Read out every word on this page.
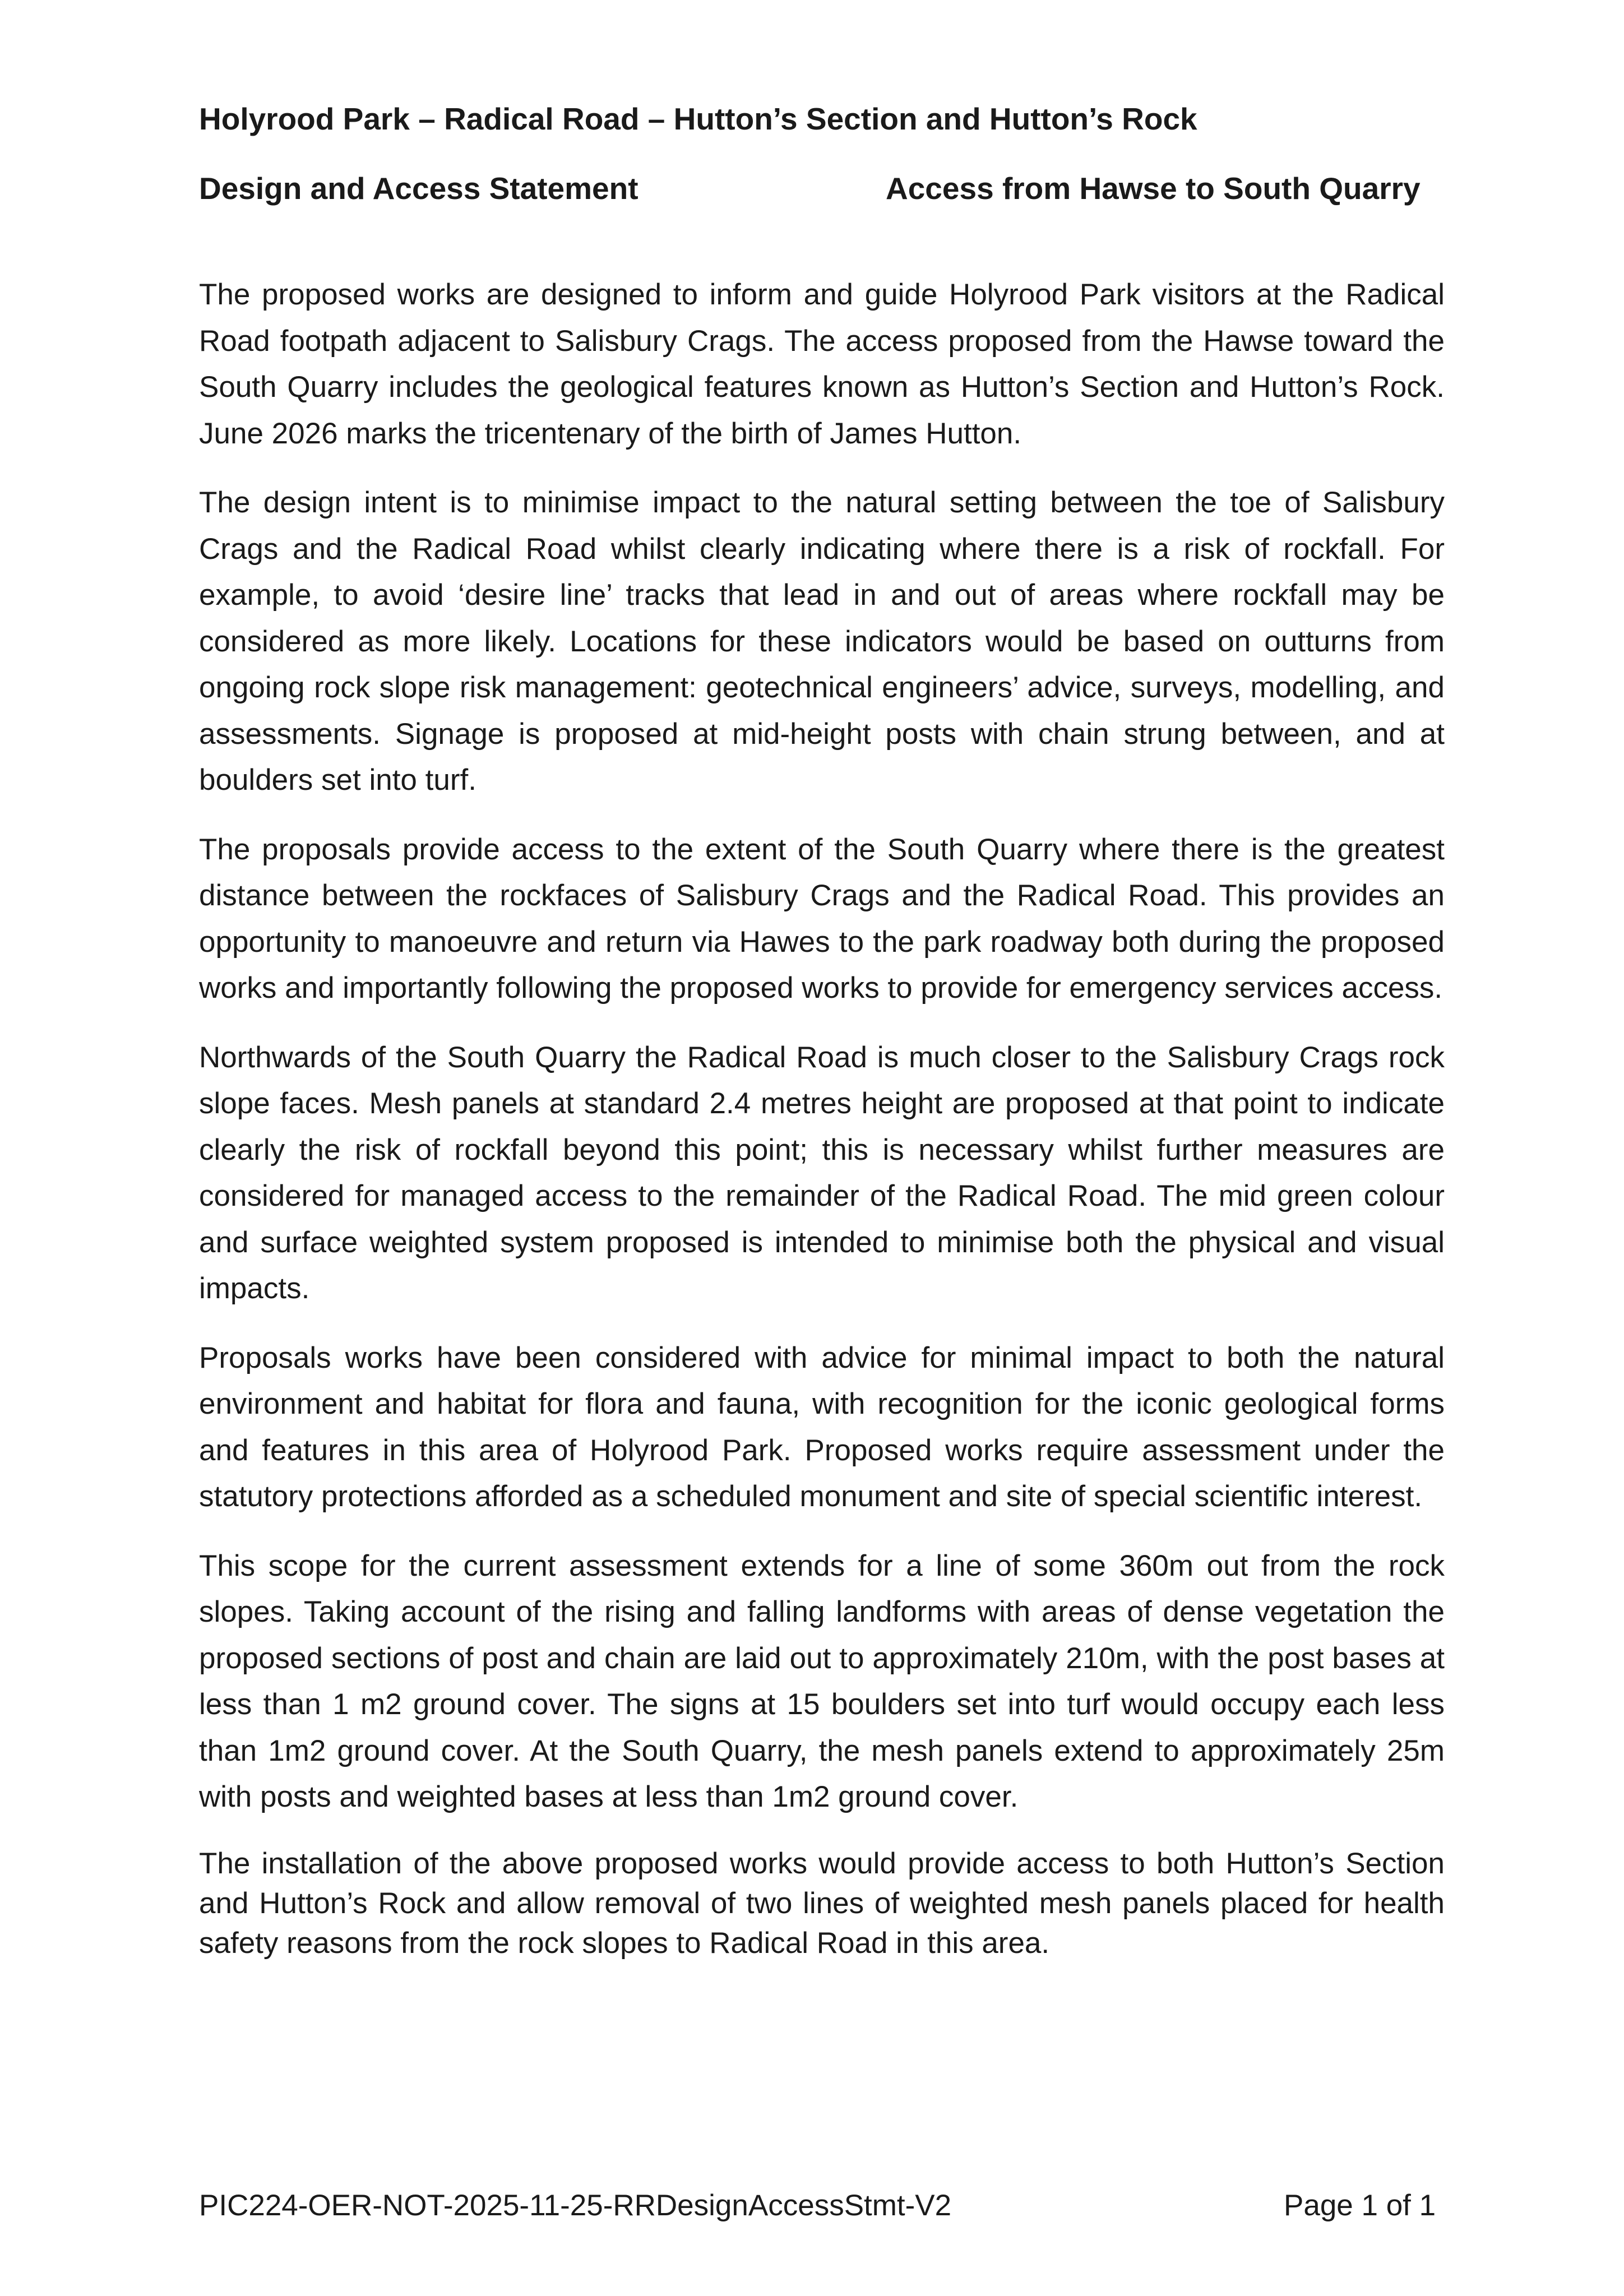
Holyrood Park – Radical Road – Hutton’s Section and Hutton’s Rock
Design and Access Statement	Access from Hawse to South Quarry

The proposed works are designed to inform and guide Holyrood Park visitors at the Radical Road footpath adjacent to Salisbury Crags. The access proposed from the Hawse toward the South Quarry includes the geological features known as Hutton’s Section and Hutton’s Rock. June 2026 marks the tricentenary of the birth of James Hutton.

The design intent is to minimise impact to the natural setting between the toe of Salisbury Crags and the Radical Road whilst clearly indicating where there is a risk of rockfall. For example, to avoid ‘desire line’ tracks that lead in and out of areas where rockfall may be considered as more likely. Locations for these indicators would be based on outturns from ongoing rock slope risk management: geotechnical engineers’ advice, surveys, modelling, and assessments. Signage is proposed at mid-height posts with chain strung between, and at boulders set into turf.

The proposals provide access to the extent of the South Quarry where there is the greatest distance between the rockfaces of Salisbury Crags and the Radical Road. This provides an opportunity to manoeuvre and return via Hawes to the park roadway both during the proposed works and importantly following the proposed works to provide for emergency services access.

Northwards of the South Quarry the Radical Road is much closer to the Salisbury Crags rock slope faces. Mesh panels at standard 2.4 metres height are proposed at that point to indicate clearly the risk of rockfall beyond this point; this is necessary whilst further measures are considered for managed access to the remainder of the Radical Road. The mid green colour and surface weighted system proposed is intended to minimise both the physical and visual impacts.

Proposals works have been considered with advice for minimal impact to both the natural environment and habitat for flora and fauna, with recognition for the iconic geological forms and features in this area of Holyrood Park. Proposed works require assessment under the statutory protections afforded as a scheduled monument and site of special scientific interest.

This scope for the current assessment extends for a line of some 360m out from the rock slopes. Taking account of the rising and falling landforms with areas of dense vegetation the proposed sections of post and chain are laid out to approximately 210m, with the post bases at less than 1 m2 ground cover. The signs at 15 boulders set into turf would occupy each less than 1m2 ground cover. At the South Quarry, the mesh panels extend to approximately 25m with posts and weighted bases at less than 1m2 ground cover.

The installation of the above proposed works would provide access to both Hutton’s Section and Hutton’s Rock and allow removal of two lines of weighted mesh panels placed for health safety reasons from the rock slopes to Radical Road in this area.

PIC224-OER-NOT-2025-11-25-RRDesignAccessStmt-V2	Page 1 of 1
